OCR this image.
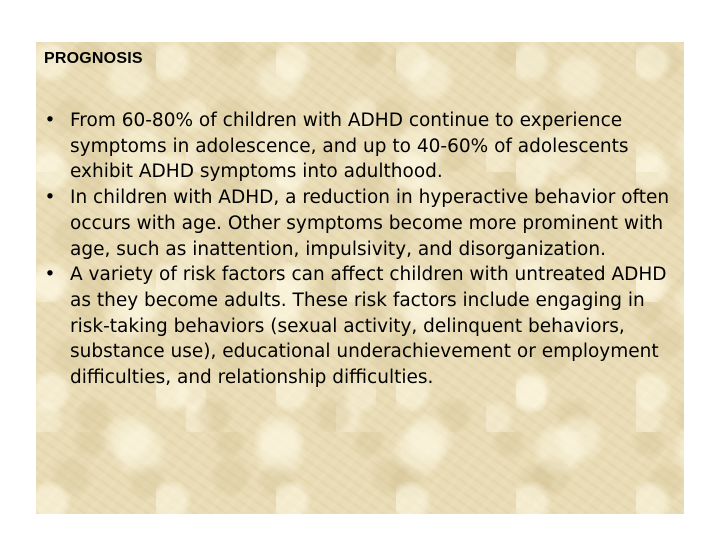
PROGNOSIS
• From 60-80% of children with ADHD continue to experience symptoms in adolescence, and up to 40-60% of adolescents exhibit ADHD symptoms into adulthood.
• In children with ADHD, a reduction in hyperactive behavior often occurs with age. Other symptoms become more prominent with age, such as inattention, impulsivity, and disorganization.
• A variety of risk factors can affect children with untreated ADHD as they become adults. These risk factors include engaging in risk-taking behaviors (sexual activity, delinquent behaviors, substance use), educational underachievement or employment difficulties, and relationship difficulties.
